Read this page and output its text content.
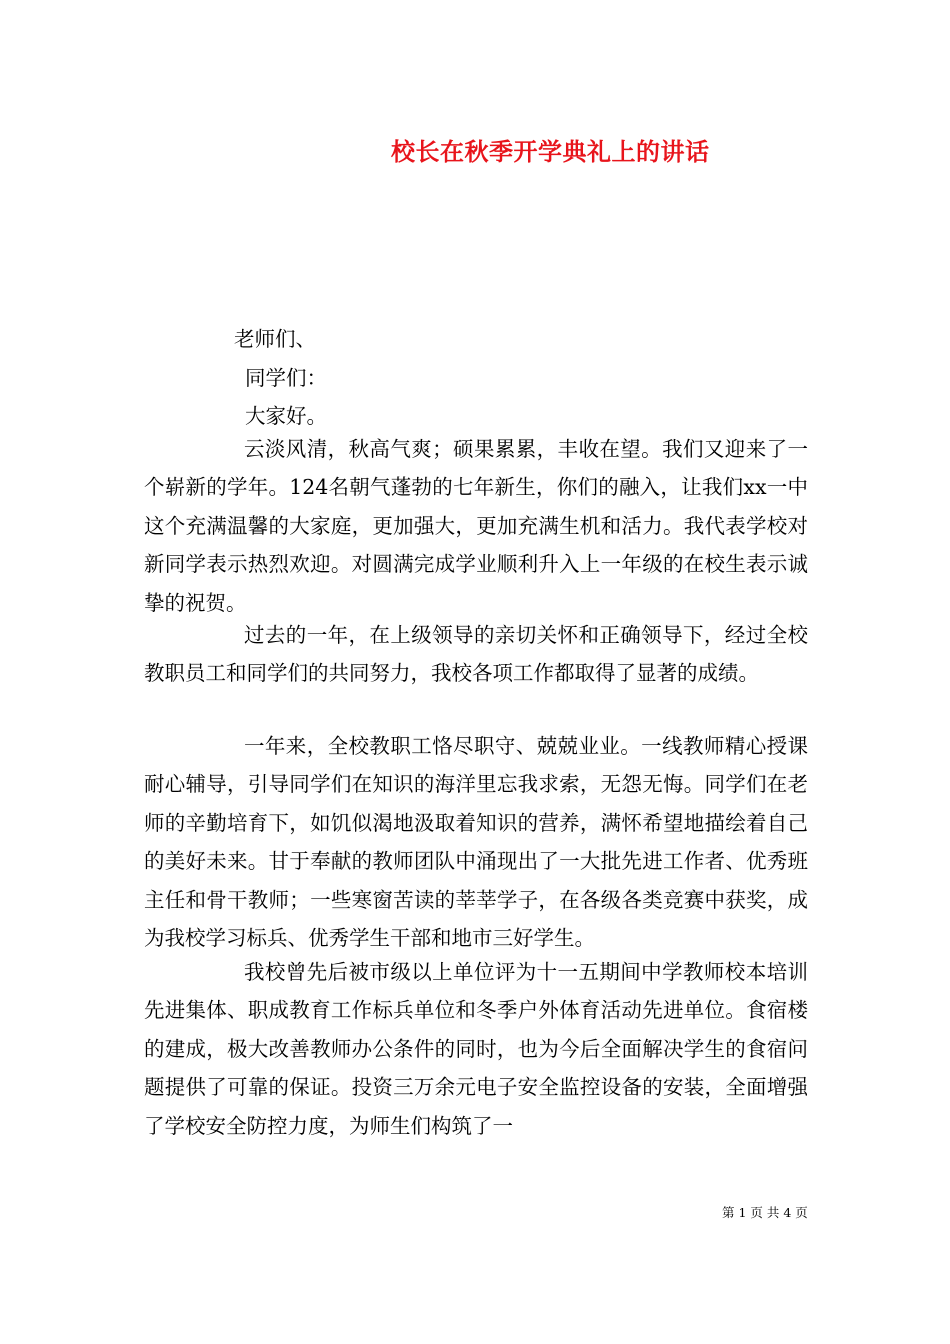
校长在秋季开学典礼上的讲话
老师们、
同学们：
大家好。

云淡风清，秋高气爽；硕果累累，丰收在望。我们又迎来了一个崭新的学年。124名朝气蓬勃的七年新生，你们的融入，让我们xx一中这个充满温馨的大家庭，更加强大，更加充满生机和活力。我代表学校对新同学表示热烈欢迎。对圆满完成学业顺利升入上一年级的在校生表示诚挚的祝贺。

过去的一年，在上级领导的亲切关怀和正确领导下，经过全校教职员工和同学们的共同努力，我校各项工作都取得了显著的成绩。

一年来，全校教职工恪尽职守、兢兢业业。一线教师精心授课耐心辅导，引导同学们在知识的海洋里忘我求索，无怨无悔。同学们在老师的辛勤培育下，如饥似渴地汲取着知识的营养，满怀希望地描绘着自己的美好未来。甘于奉献的教师团队中涌现出了一大批先进工作者、优秀班主任和骨干教师；一些寒窗苦读的莘莘学子，在各级各类竞赛中获奖，成为我校学习标兵、优秀学生干部和地市三好学生。

我校曾先后被市级以上单位评为十一五期间中学教师校本培训先进集体、职成教育工作标兵单位和冬季户外体育活动先进单位。食宿楼的建成，极大改善教师办公条件的同时，也为今后全面解决学生的食宿问题提供了可靠的保证。投资三万余元电子安全监控设备的安装，全面增强了学校安全防控力度，为师生们构筑了一

第 1 页 共 4 页
